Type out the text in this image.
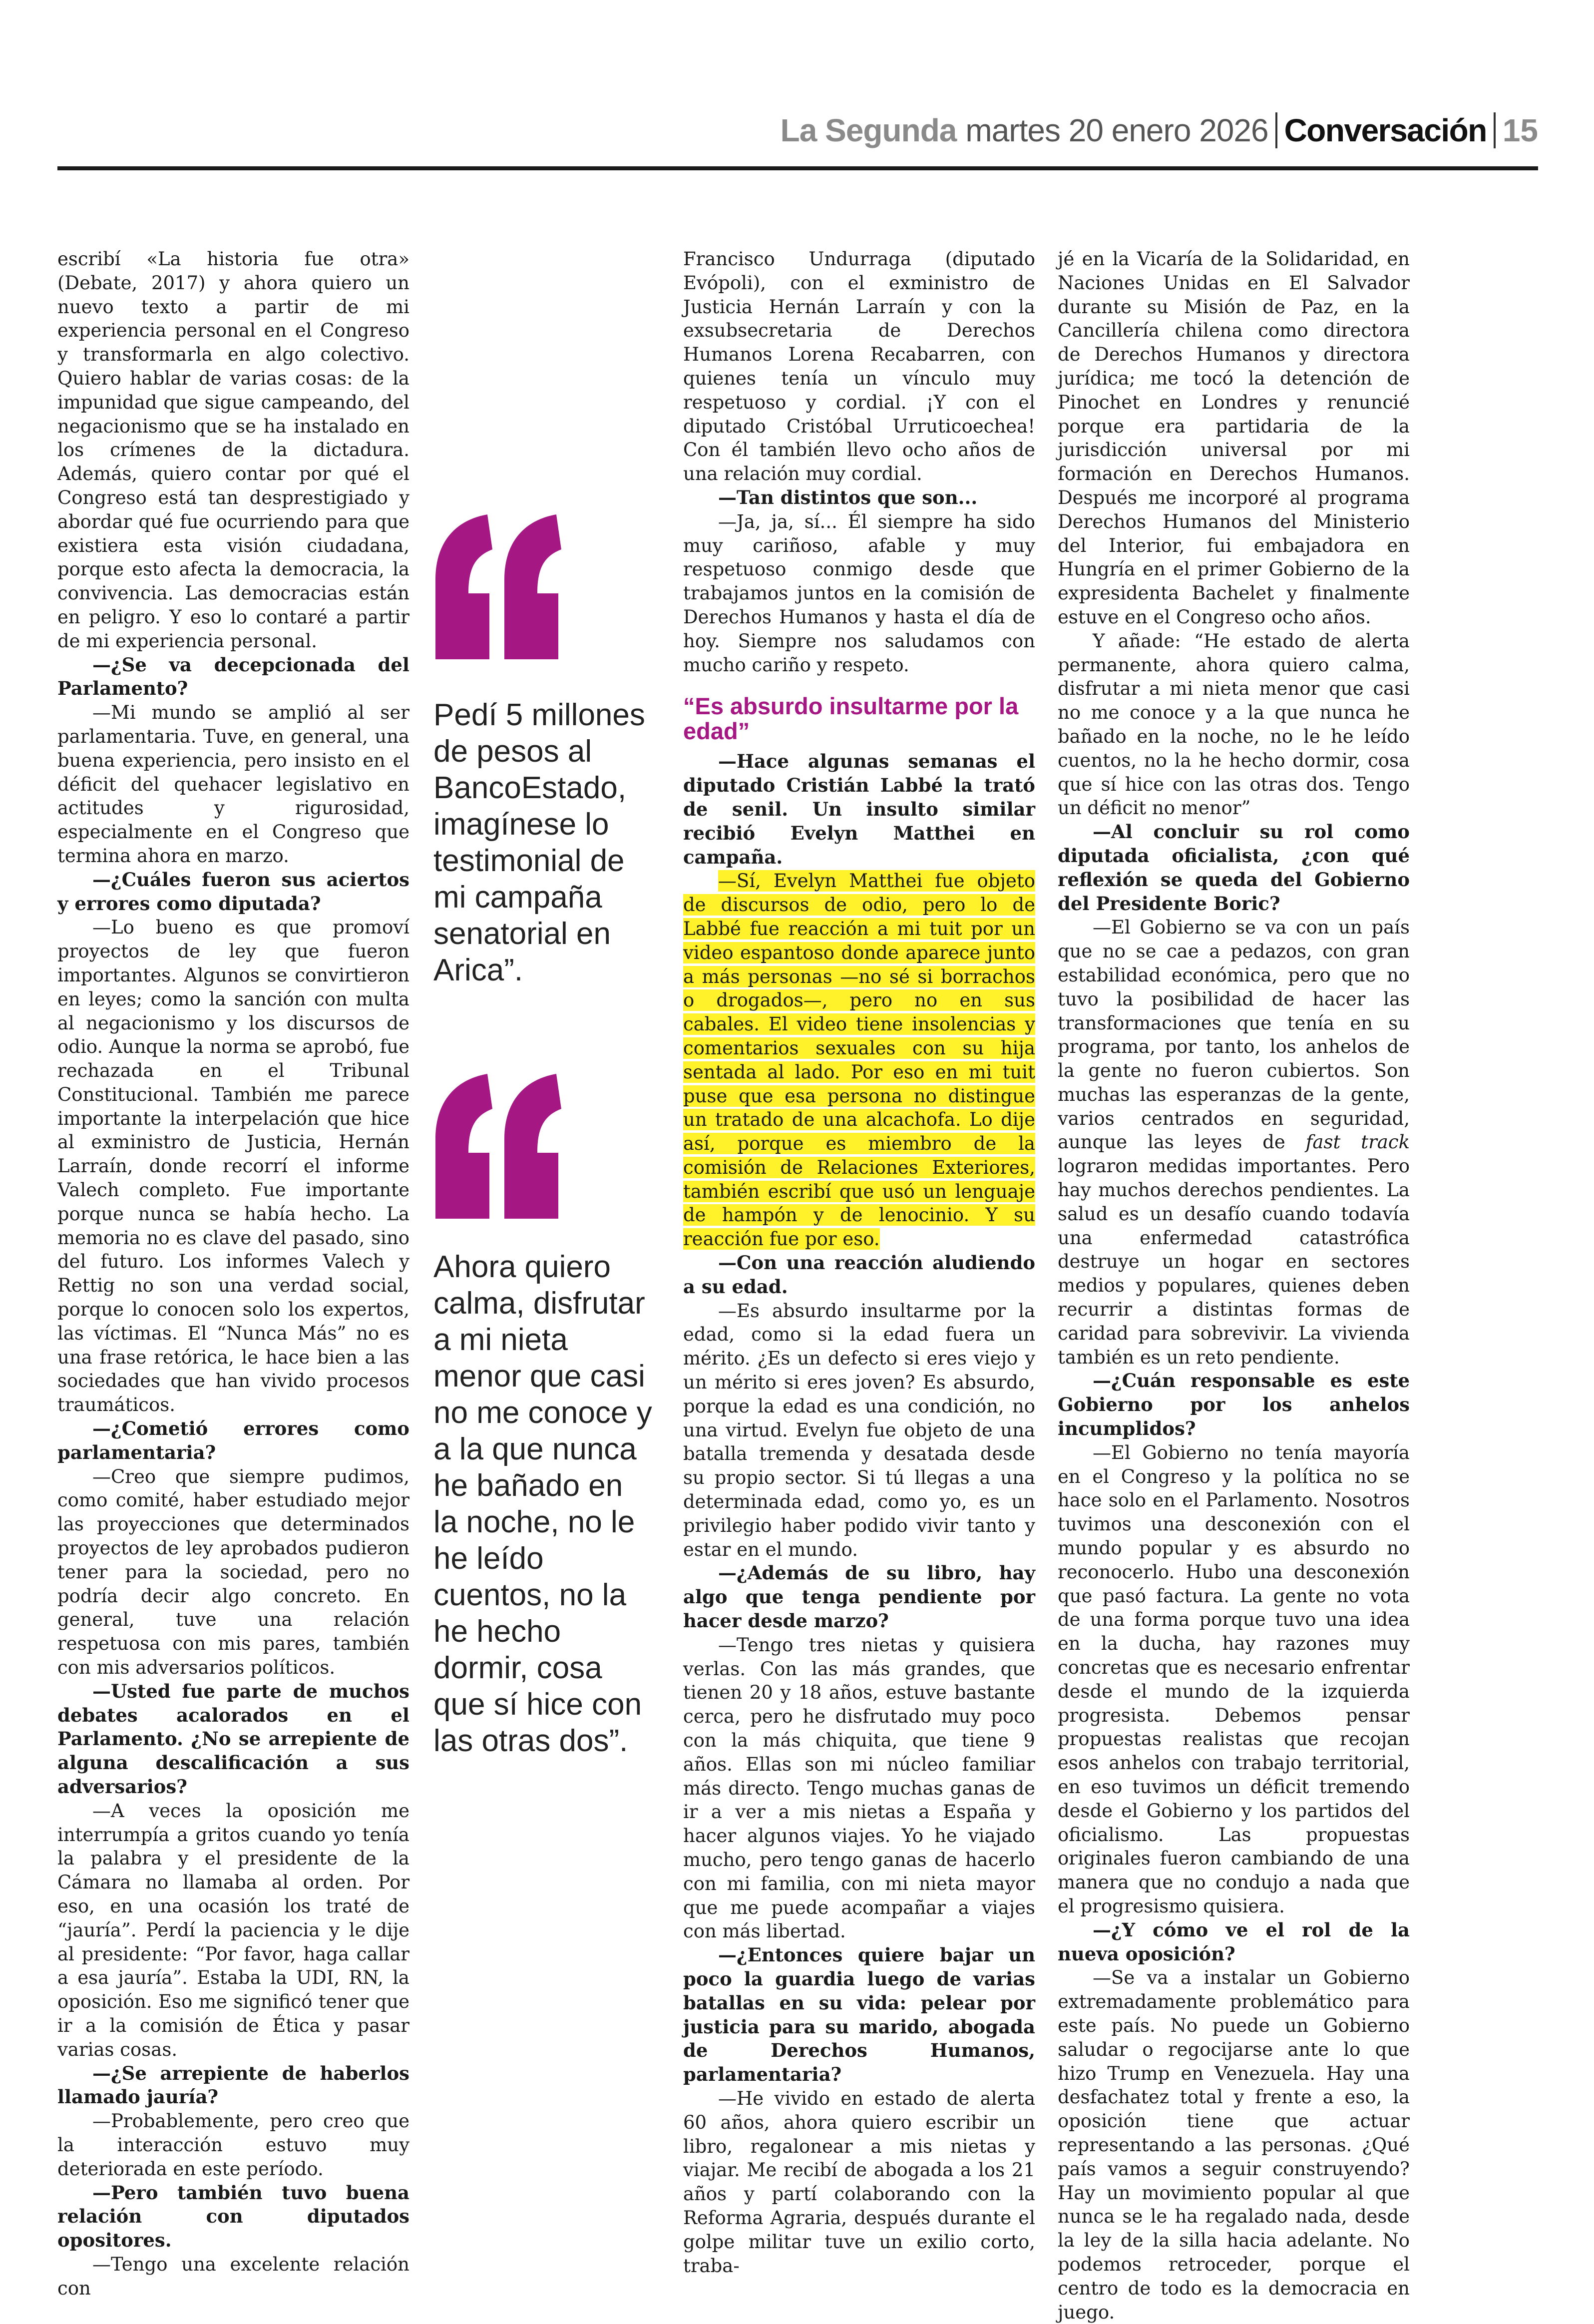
La Segunda martes 20 enero 2026 Conversación 15

escribí «La historia fue otra» (Debate, 2017) y ahora quiero un nuevo texto a partir de mi experiencia personal en el Congreso y transformarla en algo colectivo. Quiero hablar de varias cosas: de la impunidad que sigue campeando, del negacionismo que se ha instalado en los crímenes de la dictadura. Además, quiero contar por qué el Congreso está tan desprestigiado y abordar qué fue ocurriendo para que existiera esta visión ciudadana, porque esto afecta la democracia, la convivencia. Las democracias están en peligro. Y eso lo contaré a partir de mi experiencia personal.

—¿Se va decepcionada del Parlamento?

—Mi mundo se amplió al ser parlamentaria. Tuve, en general, una buena experiencia, pero insisto en el déficit del quehacer legislativo en actitudes y rigurosidad, especialmente en el Congreso que termina ahora en marzo.

—¿Cuáles fueron sus aciertos y errores como diputada?

—Lo bueno es que promoví proyectos de ley que fueron importantes. Algunos se convirtieron en leyes; como la sanción con multa al negacionismo y los discursos de odio. Aunque la norma se aprobó, fue rechazada en el Tribunal Constitucional. También me parece importante la interpelación que hice al exministro de Justicia, Hernán Larraín, donde recorrí el informe Valech completo. Fue importante porque nunca se había hecho. La memoria no es clave del pasado, sino del futuro. Los informes Valech y Rettig no son una verdad social, porque lo conocen solo los expertos, las víctimas. El “Nunca Más” no es una frase retórica, le hace bien a las sociedades que han vivido procesos traumáticos.

—¿Cometió errores como parlamentaria?

—Creo que siempre pudimos, como comité, haber estudiado mejor las proyecciones que determinados proyectos de ley aprobados pudieron tener para la sociedad, pero no podría decir algo concreto. En general, tuve una relación respetuosa con mis pares, también con mis adversarios políticos.

—Usted fue parte de muchos debates acalorados en el Parlamento. ¿No se arrepiente de alguna descalificación a sus adversarios?

—A veces la oposición me interrumpía a gritos cuando yo tenía la palabra y el presidente de la Cámara no llamaba al orden. Por eso, en una ocasión los traté de “jauría”. Perdí la paciencia y le dije al presidente: “Por favor, haga callar a esa jauría”. Estaba la UDI, RN, la oposición. Eso me significó tener que ir a la comisión de Ética y pasar varias cosas.

—¿Se arrepiente de haberlos llamado jauría?

—Probablemente, pero creo que la interacción estuvo muy deteriorada en este período.

—Pero también tuvo buena relación con diputados opositores.

—Tengo una excelente relación con

Pedí 5 millones de pesos al BancoEstado, imagínese lo testimonial de mi campaña senatorial en Arica”.
Ahora quiero calma, disfrutar a mi nieta menor que casi no me conoce y a la que nunca he bañado en la noche, no le he leído cuentos, no la he hecho dormir, cosa que sí hice con las otras dos”.

Francisco Undurraga (diputado Evópoli), con el exministro de Justicia Hernán Larraín y con la exsubsecretaria de Derechos Humanos Lorena Recabarren, con quienes tenía un vínculo muy respetuoso y cordial. ¡Y con el diputado Cristóbal Urruticoechea! Con él también llevo ocho años de una relación muy cordial.

—Tan distintos que son...

—Ja, ja, sí... Él siempre ha sido muy cariñoso, afable y muy respetuoso conmigo desde que trabajamos juntos en la comisión de Derechos Humanos y hasta el día de hoy. Siempre nos saludamos con mucho cariño y respeto.

“Es absurdo insultarme por la edad”

—Hace algunas semanas el diputado Cristián Labbé la trató de senil. Un insulto similar recibió Evelyn Matthei en campaña.

—Sí, Evelyn Matthei fue objeto de discursos de odio, pero lo de Labbé fue reacción a mi tuit por un video espantoso donde aparece junto a más personas —no sé si borrachos o drogados—, pero no en sus cabales. El video tiene insolencias y comentarios sexuales con su hija sentada al lado. Por eso en mi tuit puse que esa persona no distingue un tratado de una alcachofa. Lo dije así, porque es miembro de la comisión de Relaciones Exteriores, también escribí que usó un lenguaje de hampón y de lenocinio. Y su reacción fue por eso.

—Con una reacción aludiendo a su edad.

—Es absurdo insultarme por la edad, como si la edad fuera un mérito. ¿Es un defecto si eres viejo y un mérito si eres joven? Es absurdo, porque la edad es una condición, no una virtud. Evelyn fue objeto de una batalla tremenda y desatada desde su propio sector. Si tú llegas a una determinada edad, como yo, es un privilegio haber podido vivir tanto y estar en el mundo.

—¿Además de su libro, hay algo que tenga pendiente por hacer desde marzo?

—Tengo tres nietas y quisiera verlas. Con las más grandes, que tienen 20 y 18 años, estuve bastante cerca, pero he disfrutado muy poco con la más chiquita, que tiene 9 años. Ellas son mi núcleo familiar más directo. Tengo muchas ganas de ir a ver a mis nietas a España y hacer algunos viajes. Yo he viajado mucho, pero tengo ganas de hacerlo con mi familia, con mi nieta mayor que me puede acompañar a viajes con más libertad.

—¿Entonces quiere bajar un poco la guardia luego de varias batallas en su vida: pelear por justicia para su marido, abogada de Derechos Humanos, parlamentaria?

—He vivido en estado de alerta 60 años, ahora quiero escribir un libro, regalonear a mis nietas y viajar. Me recibí de abogada a los 21 años y partí colaborando con la Reforma Agraria, después durante el golpe militar tuve un exilio corto, traba-

jé en la Vicaría de la Solidaridad, en Naciones Unidas en El Salvador durante su Misión de Paz, en la Cancillería chilena como directora de Derechos Humanos y directora jurídica; me tocó la detención de Pinochet en Londres y renuncié porque era partidaria de la jurisdicción universal por mi formación en Derechos Humanos. Después me incorporé al programa Derechos Humanos del Ministerio del Interior, fui embajadora en Hungría en el primer Gobierno de la expresidenta Bachelet y finalmente estuve en el Congreso ocho años.

Y añade: “He estado de alerta permanente, ahora quiero calma, disfrutar a mi nieta menor que casi no me conoce y a la que nunca he bañado en la noche, no le he leído cuentos, no la he hecho dormir, cosa que sí hice con las otras dos. Tengo un déficit no menor”

—Al concluir su rol como diputada oficialista, ¿con qué reflexión se queda del Gobierno del Presidente Boric?

—El Gobierno se va con un país que no se cae a pedazos, con gran estabilidad económica, pero que no tuvo la posibilidad de hacer las transformaciones que tenía en su programa, por tanto, los anhelos de la gente no fueron cubiertos. Son muchas las esperanzas de la gente, varios centrados en seguridad, aunque las leyes de fast track lograron medidas importantes. Pero hay muchos derechos pendientes. La salud es un desafío cuando todavía una enfermedad catastrófica destruye un hogar en sectores medios y populares, quienes deben recurrir a distintas formas de caridad para sobrevivir. La vivienda también es un reto pendiente.

—¿Cuán responsable es este Gobierno por los anhelos incumplidos?

—El Gobierno no tenía mayoría en el Congreso y la política no se hace solo en el Parlamento. Nosotros tuvimos una desconexión con el mundo popular y es absurdo no reconocerlo. Hubo una desconexión que pasó factura. La gente no vota de una forma porque tuvo una idea en la ducha, hay razones muy concretas que es necesario enfrentar desde el mundo de la izquierda progresista. Debemos pensar propuestas realistas que recojan esos anhelos con trabajo territorial, en eso tuvimos un déficit tremendo desde el Gobierno y los partidos del oficialismo. Las propuestas originales fueron cambiando de una manera que no condujo a nada que el progresismo quisiera.

—¿Y cómo ve el rol de la nueva oposición?

—Se va a instalar un Gobierno extremadamente problemático para este país. No puede un Gobierno saludar o regocijarse ante lo que hizo Trump en Venezuela. Hay una desfachatez total y frente a eso, la oposición tiene que actuar representando a las personas. ¿Qué país vamos a seguir construyendo? Hay un movimiento popular al que nunca se le ha regalado nada, desde la ley de la silla hacia adelante. No podemos retroceder, porque el centro de todo es la democracia en juego.
